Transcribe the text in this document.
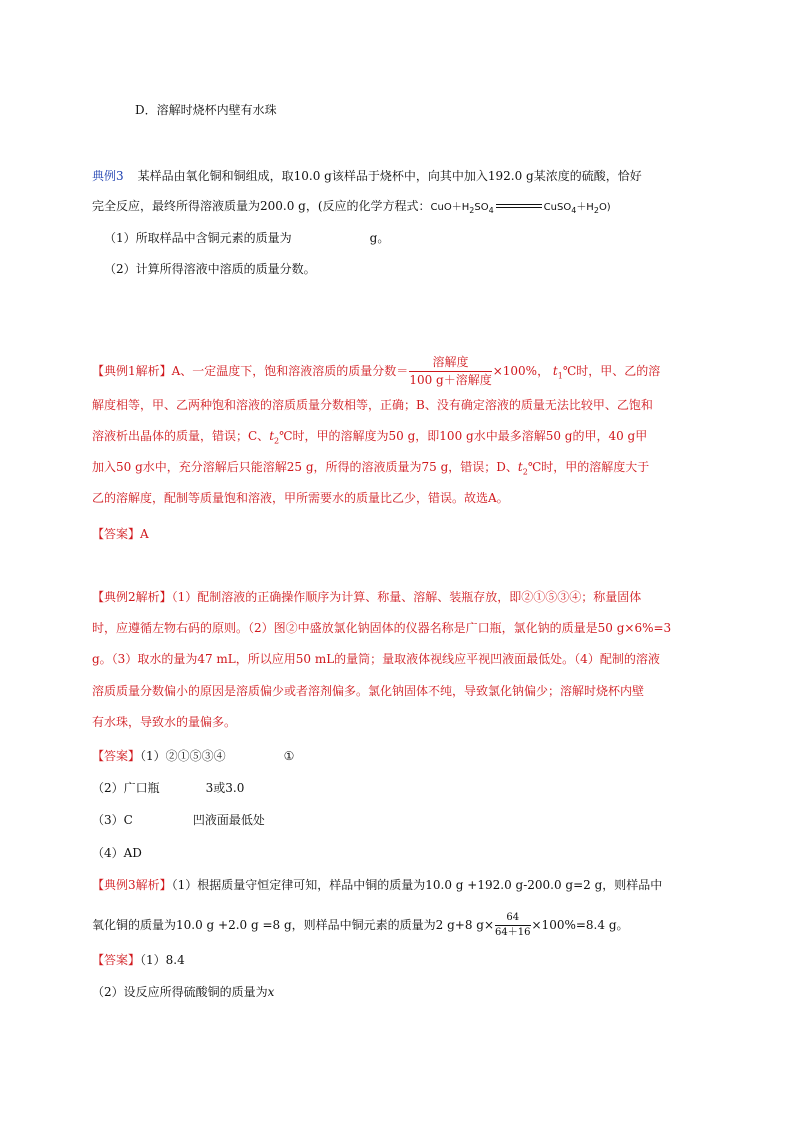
D．溶解时烧杯内壁有水珠
典例3 某样品由氧化铜和铜组成，取10.0 g该样品于烧杯中，向其中加入192.0 g某浓度的硫酸，恰好
完全反应，最终所得溶液质量为200.0 g，(反应的化学方程式：$CuO+H_2SO_4$	$CuSO_4+H_2O$)
（1）所取样品中含铜元素的质量为	g。
（2）计算所得溶液中溶质的质量分数。
【典例1解析】A、一定温度下，饱和溶液溶质的质量分数＝ $\frac{\text{溶解度}}{\text{100 g＋溶解度}} \times 100\%$， $t_1℃$时，甲、乙的溶
解度相等，甲、乙两种饱和溶液的溶质质量分数相等，正确；B、没有确定溶液的质量无法比较甲、乙饱和
溶液析出晶体的质量，错误；C、$t_2℃$时，甲的溶解度为50 g，即100 g水中最多溶解50 g的甲，40 g甲
加入50 g水中，充分溶解后只能溶解25 g，所得的溶液质量为75 g，错误；D、$t_2℃$时，甲的溶解度大于
乙的溶解度，配制等质量饱和溶液，甲所需要水的质量比乙少，错误。故选A。
【答案】A
【典例2解析】（1）配制溶液的正确操作顺序为计算、称量、溶解、装瓶存放，即②①⑤③④；称量固体
时，应遵循左物右码的原则。（2）图②中盛放氯化钠固体的仪器名称是广口瓶，氯化钠的质量是50 g×6%=3
g。（3）取水的量为47 mL，所以应用50 mL的量筒；量取液体视线应平视凹液面最低处。（4）配制的溶液
溶质质量分数偏小的原因是溶质偏少或者溶剂偏多。氯化钠固体不纯，导致氯化钠偏少；溶解时烧杯内壁
有水珠，导致水的量偏多。
【答案】（1）②①⑤③④	①
（2）广口瓶	3或3.0
（3）C	凹液面最低处
（4）AD
【典例3解析】（1）根据质量守恒定律可知，样品中铜的质量为10.0 g +192.0 g-200.0 g=2 g，则样品中
氧化铜的质量为10.0 g +2.0 g =8 g，则样品中铜元素的质量为2 g+8 $g\times \frac{64}{64+16} \times 100\%=8.4$ g。
【答案】（1）8.4
（2）设反应所得硫酸铜的质量为x
